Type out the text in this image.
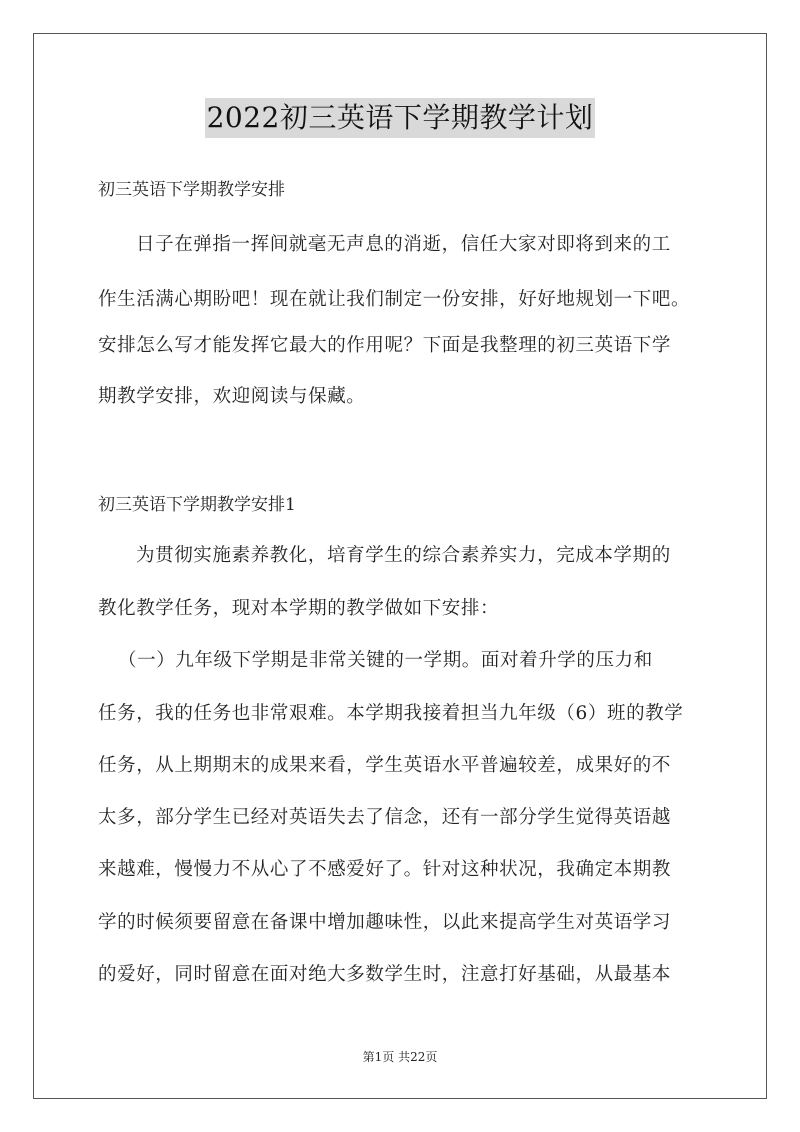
2022初三英语下学期教学计划
初三英语下学期教学安排
日子在弹指一挥间就毫无声息的消逝，信任大家对即将到来的工
作生活满心期盼吧！现在就让我们制定一份安排，好好地规划一下吧。
安排怎么写才能发挥它最大的作用呢？下面是我整理的初三英语下学
期教学安排，欢迎阅读与保藏。
初三英语下学期教学安排1
为贯彻实施素养教化，培育学生的综合素养实力，完成本学期的
教化教学任务，现对本学期的教学做如下安排：
（一）九年级下学期是非常关键的一学期。面对着升学的压力和
任务，我的任务也非常艰难。本学期我接着担当九年级（6）班的教学
任务，从上期期末的成果来看，学生英语水平普遍较差，成果好的不
太多，部分学生已经对英语失去了信念，还有一部分学生觉得英语越
来越难，慢慢力不从心了不感爱好了。针对这种状况，我确定本期教
学的时候须要留意在备课中增加趣味性，以此来提高学生对英语学习
的爱好，同时留意在面对绝大多数学生时，注意打好基础，从最基本
第1页 共22页
